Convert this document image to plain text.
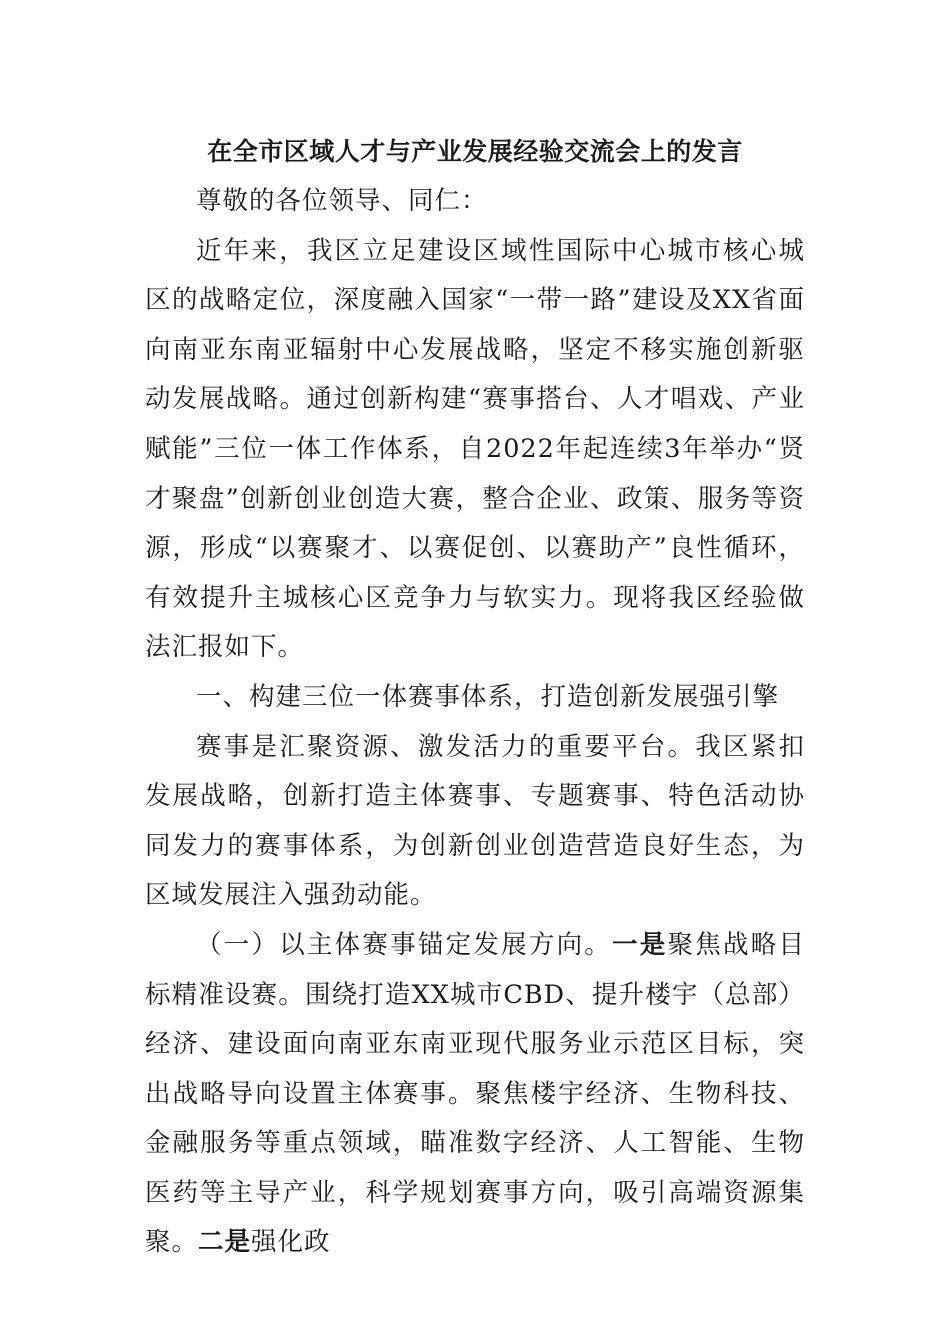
在全市区域人才与产业发展经验交流会上的发言

尊敬的各位领导、同仁：

近年来，我区立足建设区域性国际中心城市核心城区的战略定位，深度融入国家“一带一路”建设及XX省面向南亚东南亚辐射中心发展战略，坚定不移实施创新驱动发展战略。通过创新构建“赛事搭台、人才唱戏、产业赋能”三位一体工作体系，自2022年起连续3年举办“贤才聚盘”创新创业创造大赛，整合企业、政策、服务等资源，形成“以赛聚才、以赛促创、以赛助产”良性循环，有效提升主城核心区竞争力与软实力。现将我区经验做法汇报如下。

一、构建三位一体赛事体系，打造创新发展强引擎

赛事是汇聚资源、激发活力的重要平台。我区紧扣发展战略，创新打造主体赛事、专题赛事、特色活动协同发力的赛事体系，为创新创业创造营造良好生态，为区域发展注入强劲动能。

（一）以主体赛事锚定发展方向。一是聚焦战略目标精准设赛。围绕打造XX城市CBD、提升楼宇（总部）经济、建设面向南亚东南亚现代服务业示范区目标，突出战略导向设置主体赛事。聚焦楼宇经济、生物科技、金融服务等重点领域，瞄准数字经济、人工智能、生物医药等主导产业，科学规划赛事方向，吸引高端资源集聚。二是强化政
